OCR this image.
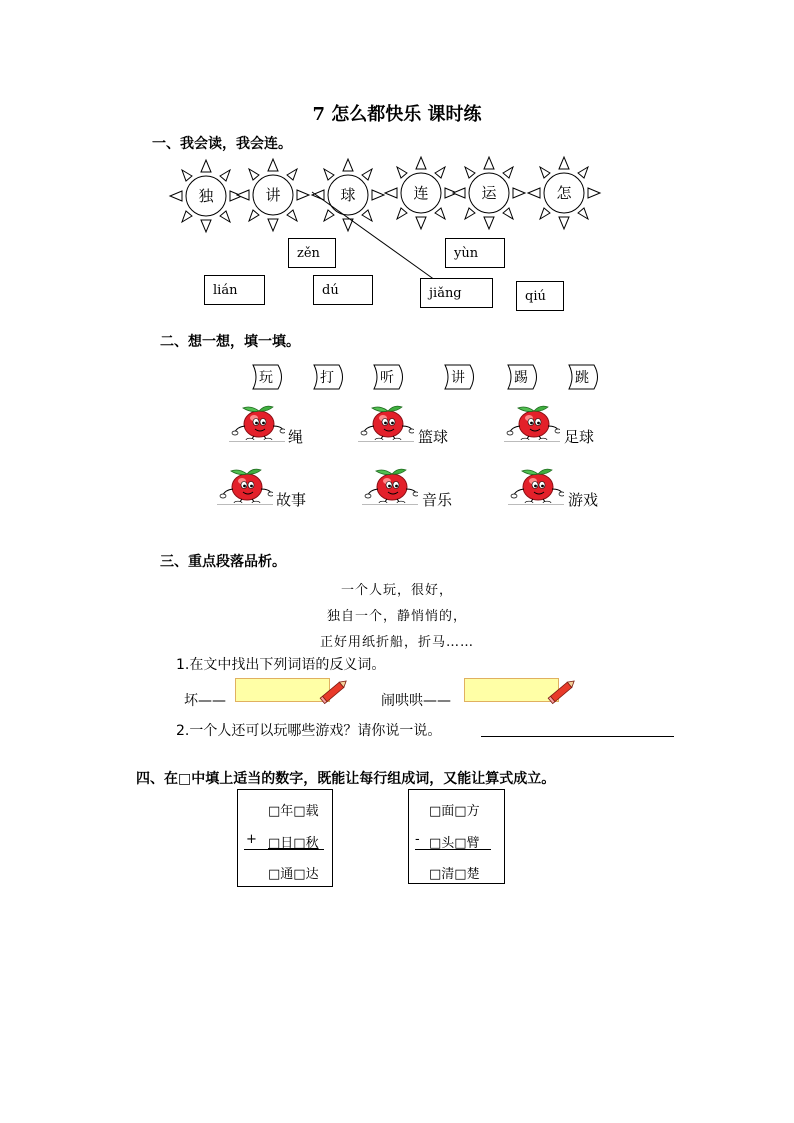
7 怎么都快乐 课时练
一、我会读，我会连。
独	讲	球	连	运	怎
zěn	yùn
lián	dú	jiǎng	qiú
二、想一想，填一填。
玩	打	听	讲	踢	跳
绳	篮球	足球
故事	音乐	游戏
三、重点段落品析。
一个人玩，很好，
独自一个，静悄悄的，
正好用纸折船，折马……
1.在文中找出下列词语的反义词。
坏——	闹哄哄——
2.一个人还可以玩哪些游戏？请你说一说。
四、在□中填上适当的数字，既能让每行组成词，又能让算式成立。
□年□载
+ □日□秋
□通□达
□面□方
- □头□臂
□清□楚
